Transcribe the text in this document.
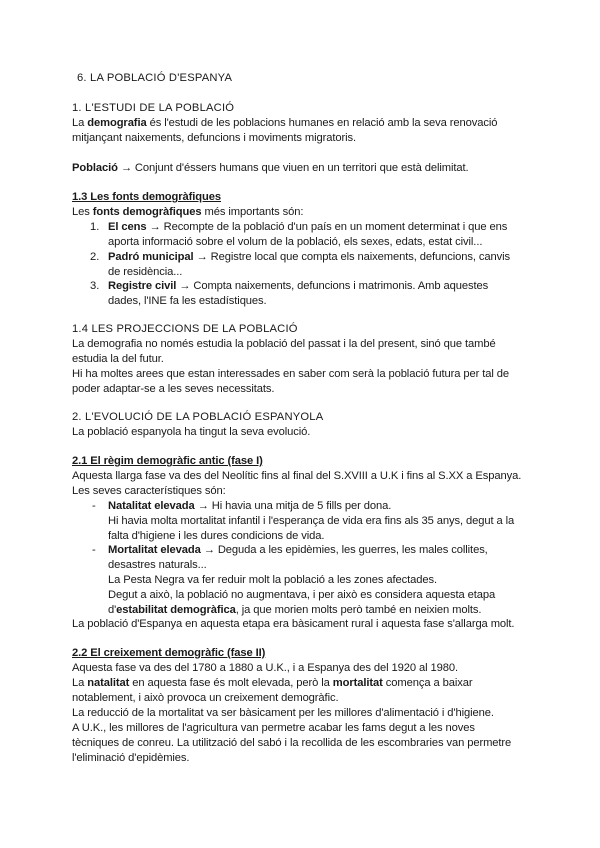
6. LA POBLACIÓ D'ESPANYA
1. L'ESTUDI DE LA POBLACIÓ
La demografia és l'estudi de les poblacions humanes en relació amb la seva renovació
mitjançant naixements, defuncions i moviments migratoris.
Població → Conjunt d'éssers humans que viuen en un territori que està delimitat.
1.3 Les fonts demogràfiques
Les fonts demogràfiques més importants són:
1. El cens → Recompte de la població d'un país en un moment determinat i que ens
aporta informació sobre el volum de la població, els sexes, edats, estat civil...
2. Padró municipal → Registre local que compta els naixements, defuncions, canvis
de residència...
3. Registre civil → Compta naixements, defuncions i matrimonis. Amb aquestes
dades, l'INE fa les estadístiques.
1.4 LES PROJECCIONS DE LA POBLACIÓ
La demografia no només estudia la població del passat i la del present, sinó que també
estudia la del futur.
Hi ha moltes arees que estan interessades en saber com serà la població futura per tal de
poder adaptar-se a les seves necessitats.
2. L'EVOLUCIÓ DE LA POBLACIÓ ESPANYOLA
La població espanyola ha tingut la seva evolució.
2.1 El règim demogràfic antic (fase I)
Aquesta llarga fase va des del Neolític fins al final del S.XVIII a U.K i fins al S.XX a Espanya.
Les seves característiques són:
- Natalitat elevada → Hi havia una mitja de 5 fills per dona.
Hi havia molta mortalitat infantil i l'esperança de vida era fins als 35 anys, degut a la
falta d'higiene i les dures condicions de vida.
- Mortalitat elevada → Deguda a les epidèmies, les guerres, les males collites,
desastres naturals...
La Pesta Negra va fer reduir molt la població a les zones afectades.
Degut a això, la població no augmentava, i per això es considera aquesta etapa
d'estabilitat demogràfica, ja que morien molts però també en neixien molts.
La població d'Espanya en aquesta etapa era bàsicament rural i aquesta fase s'allarga molt.
2.2 El creixement demogràfic (fase II)
Aquesta fase va des del 1780 a 1880 a U.K., i a Espanya des del 1920 al 1980.
La natalitat en aquesta fase és molt elevada, però la mortalitat comença a baixar
notablement, i això provoca un creixement demogràfic.
La reducció de la mortalitat va ser bàsicament per les millores d'alimentació i d'higiene.
A U.K., les millores de l'agricultura van permetre acabar les fams degut a les noves
tècniques de conreu. La utilització del sabó i la recollida de les escombraries van permetre
l'eliminació d'epidèmies.
